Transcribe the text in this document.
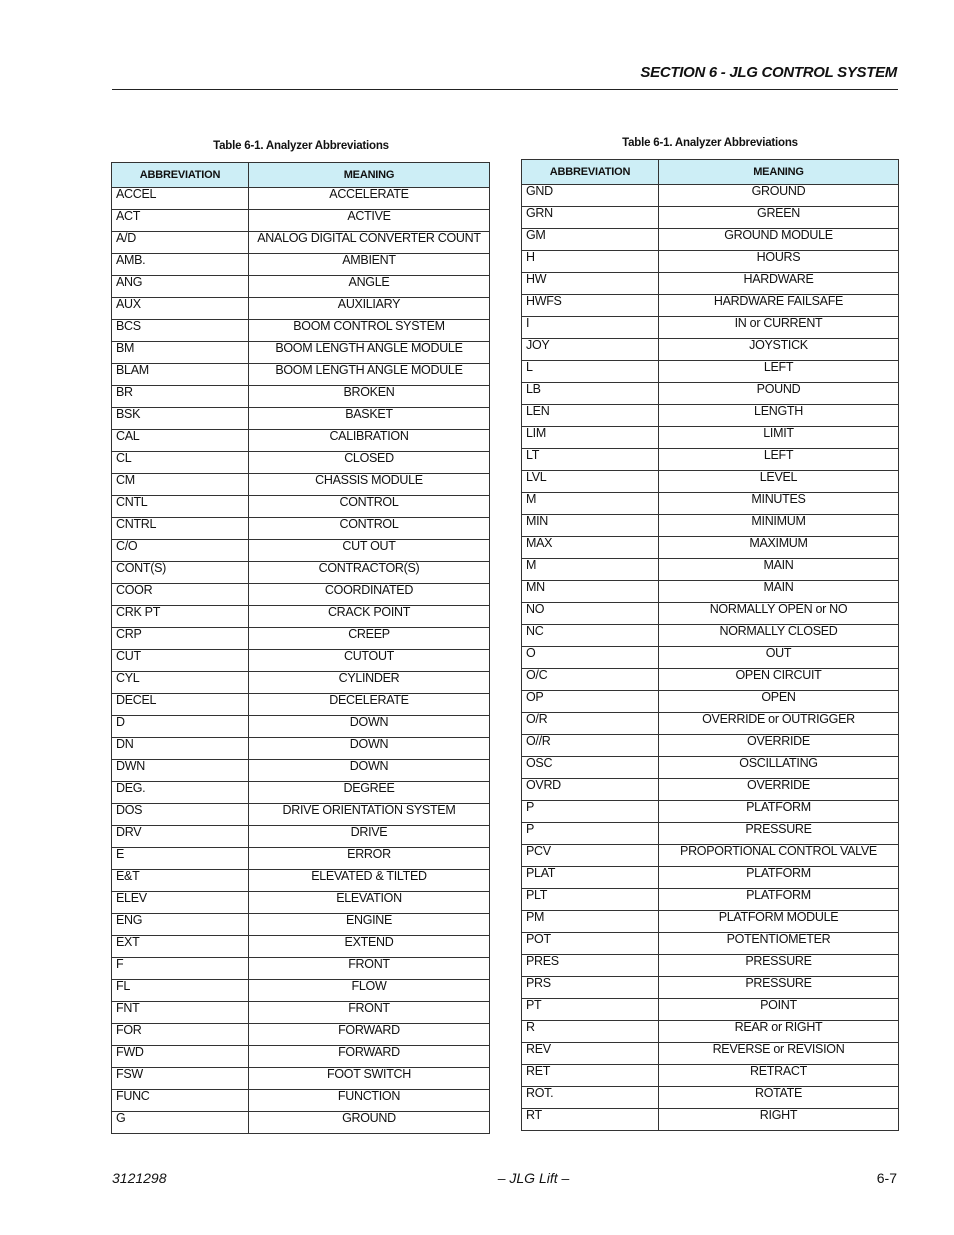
SECTION 6 - JLG CONTROL SYSTEM
Table 6-1. Analyzer Abbreviations
ABBREVIATION	MEANING
ACCEL	ACCELERATE
ACT	ACTIVE
A/D	ANALOG DIGITAL CONVERTER COUNT
AMB.	AMBIENT
ANG	ANGLE
AUX	AUXILIARY
BCS	BOOM CONTROL SYSTEM
BM	BOOM LENGTH ANGLE MODULE
BLAM	BOOM LENGTH ANGLE MODULE
BR	BROKEN
BSK	BASKET
CAL	CALIBRATION
CL	CLOSED
CM	CHASSIS MODULE
CNTL	CONTROL
CNTRL	CONTROL
C/O	CUT OUT
CONT(S)	CONTRACTOR(S)
COOR	COORDINATED
CRK PT	CRACK POINT
CRP	CREEP
CUT	CUTOUT
CYL	CYLINDER
DECEL	DECELERATE
D	DOWN
DN	DOWN
DWN	DOWN
DEG.	DEGREE
DOS	DRIVE ORIENTATION SYSTEM
DRV	DRIVE
E	ERROR
E&T	ELEVATED & TILTED
ELEV	ELEVATION
ENG	ENGINE
EXT	EXTEND
F	FRONT
FL	FLOW
FNT	FRONT
FOR	FORWARD
FWD	FORWARD
FSW	FOOT SWITCH
FUNC	FUNCTION
G	GROUND
Table 6-1. Analyzer Abbreviations
ABBREVIATION	MEANING
GND	GROUND
GRN	GREEN
GM	GROUND MODULE
H	HOURS
HW	HARDWARE
HWFS	HARDWARE FAILSAFE
I	IN or CURRENT
JOY	JOYSTICK
L	LEFT
LB	POUND
LEN	LENGTH
LIM	LIMIT
LT	LEFT
LVL	LEVEL
M	MINUTES
MIN	MINIMUM
MAX	MAXIMUM
M	MAIN
MN	MAIN
NO	NORMALLY OPEN or NO
NC	NORMALLY CLOSED
O	OUT
O/C	OPEN CIRCUIT
OP	OPEN
O/R	OVERRIDE or OUTRIGGER
O//R	OVERRIDE
OSC	OSCILLATING
OVRD	OVERRIDE
P	PLATFORM
P	PRESSURE
PCV	PROPORTIONAL CONTROL VALVE
PLAT	PLATFORM
PLT	PLATFORM
PM	PLATFORM MODULE
POT	POTENTIOMETER
PRES	PRESSURE
PRS	PRESSURE
PT	POINT
R	REAR or RIGHT
REV	REVERSE or REVISION
RET	RETRACT
ROT.	ROTATE
RT	RIGHT
3121298	– JLG Lift –	6-7
